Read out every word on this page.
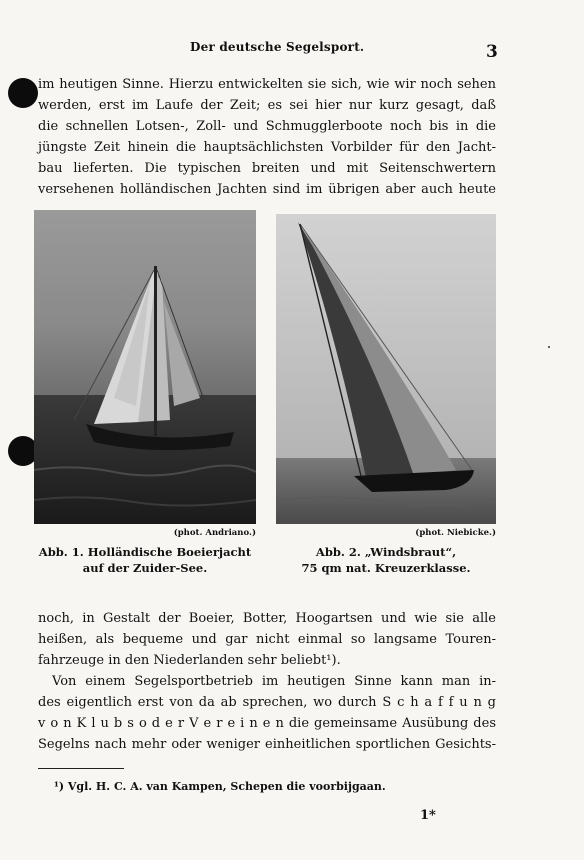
Der deutsche Segelsport.	3
im heutigen Sinne. Hierzu entwickelten sie sich, wie wir noch sehen
werden, erst im Laufe der Zeit; es sei hier nur kurz gesagt, daß
die schnellen Lotsen-, Zoll- und Schmugglerboote noch bis in die
jüngste Zeit hinein die hauptsächlichsten Vorbilder für den Jacht-
bau lieferten. Die typischen breiten und mit Seitenschwertern
versehenen holländischen Jachten sind im übrigen aber auch heute
(phot. Andriano.)
Abb. 1. Holländische Boeierjacht
auf der Zuider-See.
(phot. Niebicke.)
Abb. 2. „Windsbraut“,
75 qm nat. Kreuzerklasse.
noch, in Gestalt der Boeier, Botter, Hoogartsen und wie sie alle
heißen, als bequeme und gar nicht einmal so langsame Touren-
fahrzeuge in den Niederlanden sehr beliebt¹).
Von einem Segelsportbetrieb im heutigen Sinne kann man in-
des eigentlich erst von da ab sprechen, wo durch S c h a f f u n g
v o n K l u b s o d e r V e r e i n e n die gemeinsame Ausübung des
Segelns nach mehr oder weniger einheitlichen sportlichen Gesichts-
¹) Vgl. H. C. A. van Kampen, Schepen die voorbijgaan.
1*
